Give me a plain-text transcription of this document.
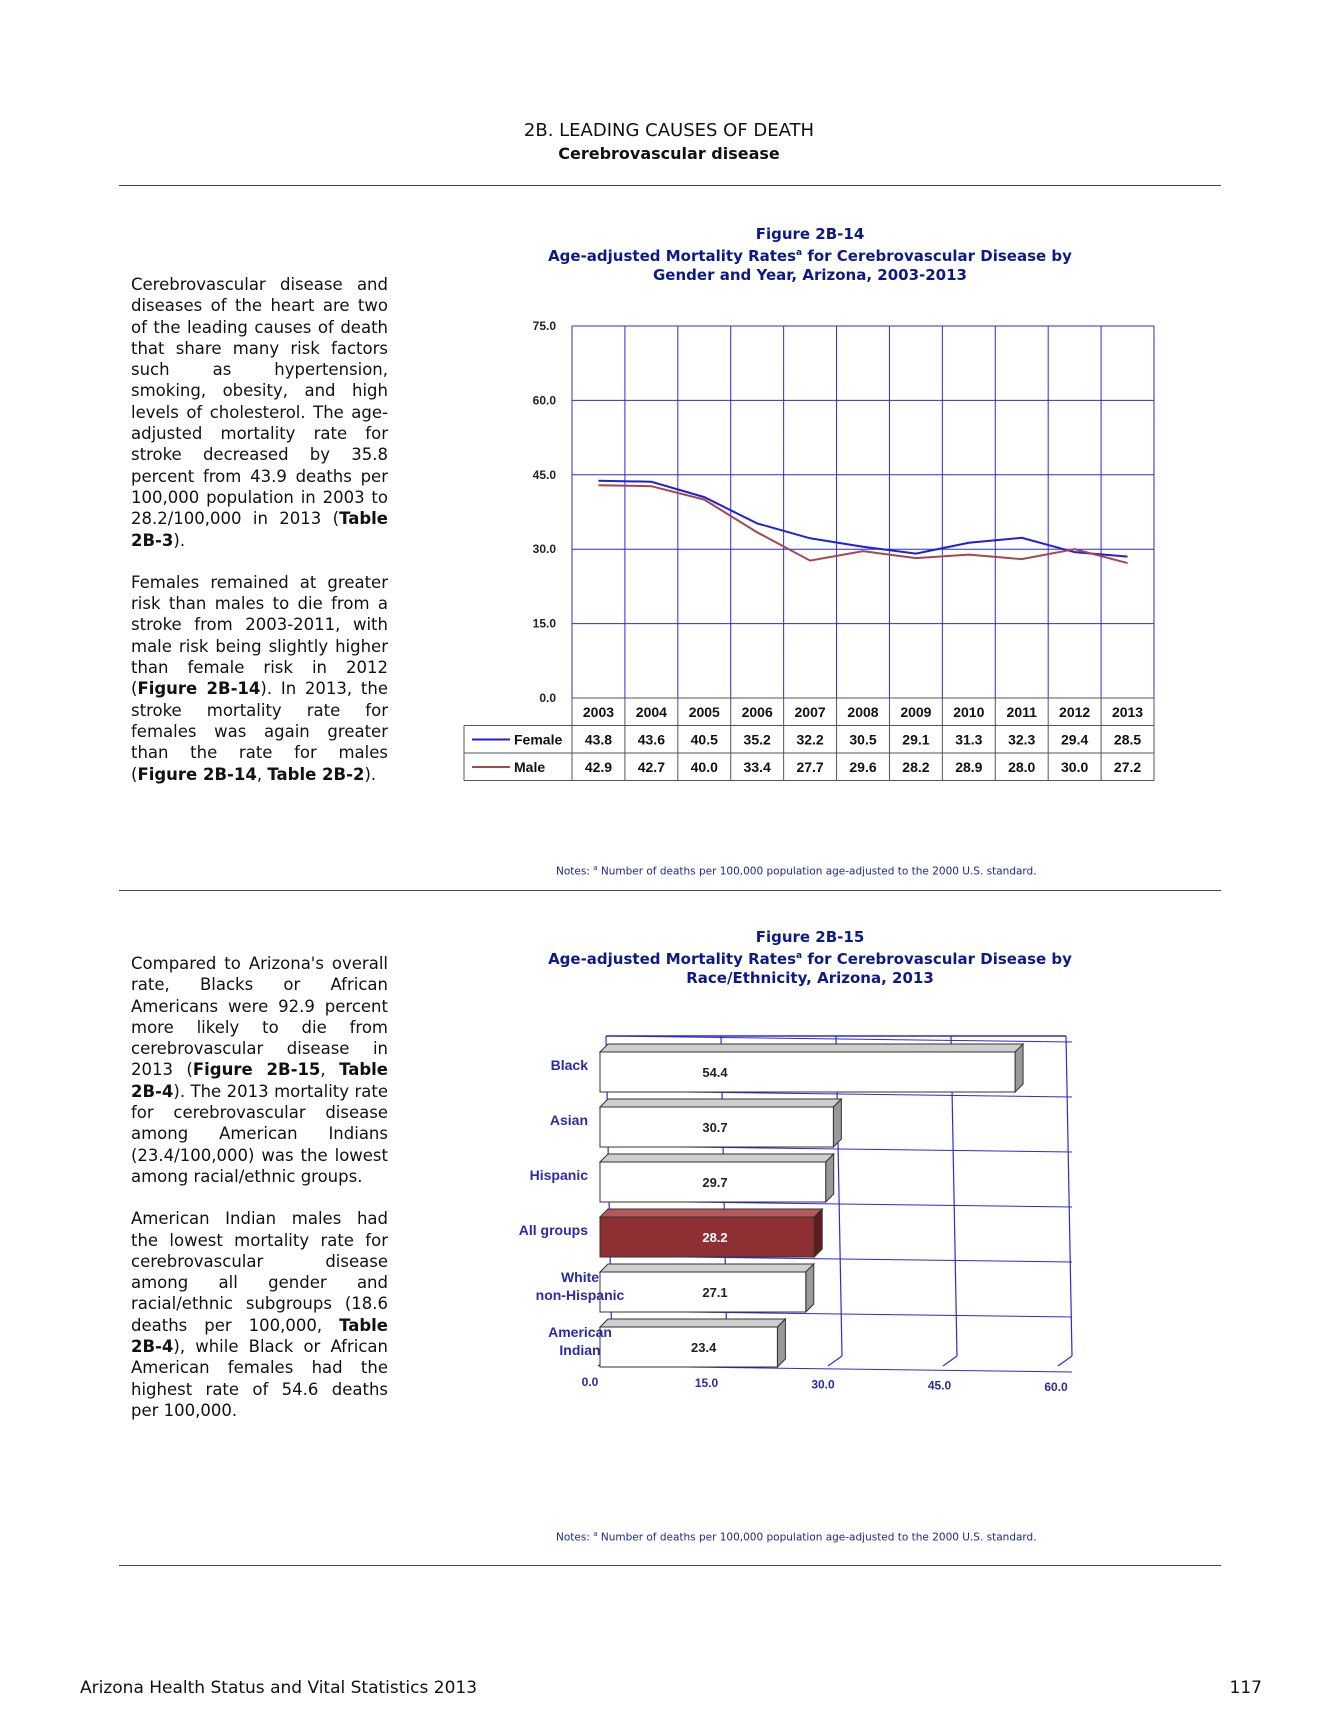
2B. LEADING CAUSES OF DEATH
Cerebrovascular disease

Cerebrovascular disease and diseases of the heart are two of the leading causes of death that share many risk factors such as hypertension, smoking, obesity, and high levels of cholesterol. The age-adjusted mortality rate for stroke decreased by 35.8 percent from 43.9 deaths per 100,000 population in 2003 to 28.2/100,000 in 2013 (Table 2B-3).

Females remained at greater risk than males to die from a stroke from 2003-2011, with male risk being slightly higher than female risk in 2012 (Figure 2B-14). In 2013, the stroke mortality rate for females was again greater than the rate for males (Figure 2B-14, Table 2B-2).

Figure 2B-14
Age-adjusted Mortality Rates$^a$ for Cerebrovascular Disease by
Gender and Year, Arizona, 2003-2013
0.0
15.0
30.0
45.0
60.0
75.0
2003 2004 2005 2006 2007 2008 2009 2010 2011 2012 2013
Female 43.8 43.6 40.5 35.2 32.2 30.5 29.1 31.3 32.3 29.4 28.5
Male	42.9 42.7 40.0 33.4 27.7 29.6 28.2 28.9 28.0 30.0 27.2
Notes: $^a$ Number of deaths per 100,000 population age-adjusted to the 2000 U.S. standard.

Compared to Arizona's overall rate, Blacks or African Americans were 92.9 percent more likely to die from cerebrovascular disease in 2013 (Figure 2B-15, Table 2B-4). The 2013 mortality rate for cerebrovascular disease among American Indians (23.4/100,000) was the lowest among racial/ethnic groups.

American Indian males had the lowest mortality rate for cerebrovascular disease among all gender and racial/ethnic subgroups (18.6 deaths per 100,000, Table 2B-4), while Black or African American females had the highest rate of 54.6 deaths per 100,000.

Figure 2B-15
Age-adjusted Mortality Rates$^a$ for Cerebrovascular Disease by
Race/Ethnicity, Arizona, 2013
0.0	15.0	30.0	45.0	60.0
54.4
Black
30.7
Asian
29.7
Hispanic
28.2
All groups
27.1
White
non-Hispanic
23.4
American
Indian
Notes: $^a$ Number of deaths per 100,000 population age-adjusted to the 2000 U.S. standard.
Arizona Health Status and Vital Statistics 2013	117
